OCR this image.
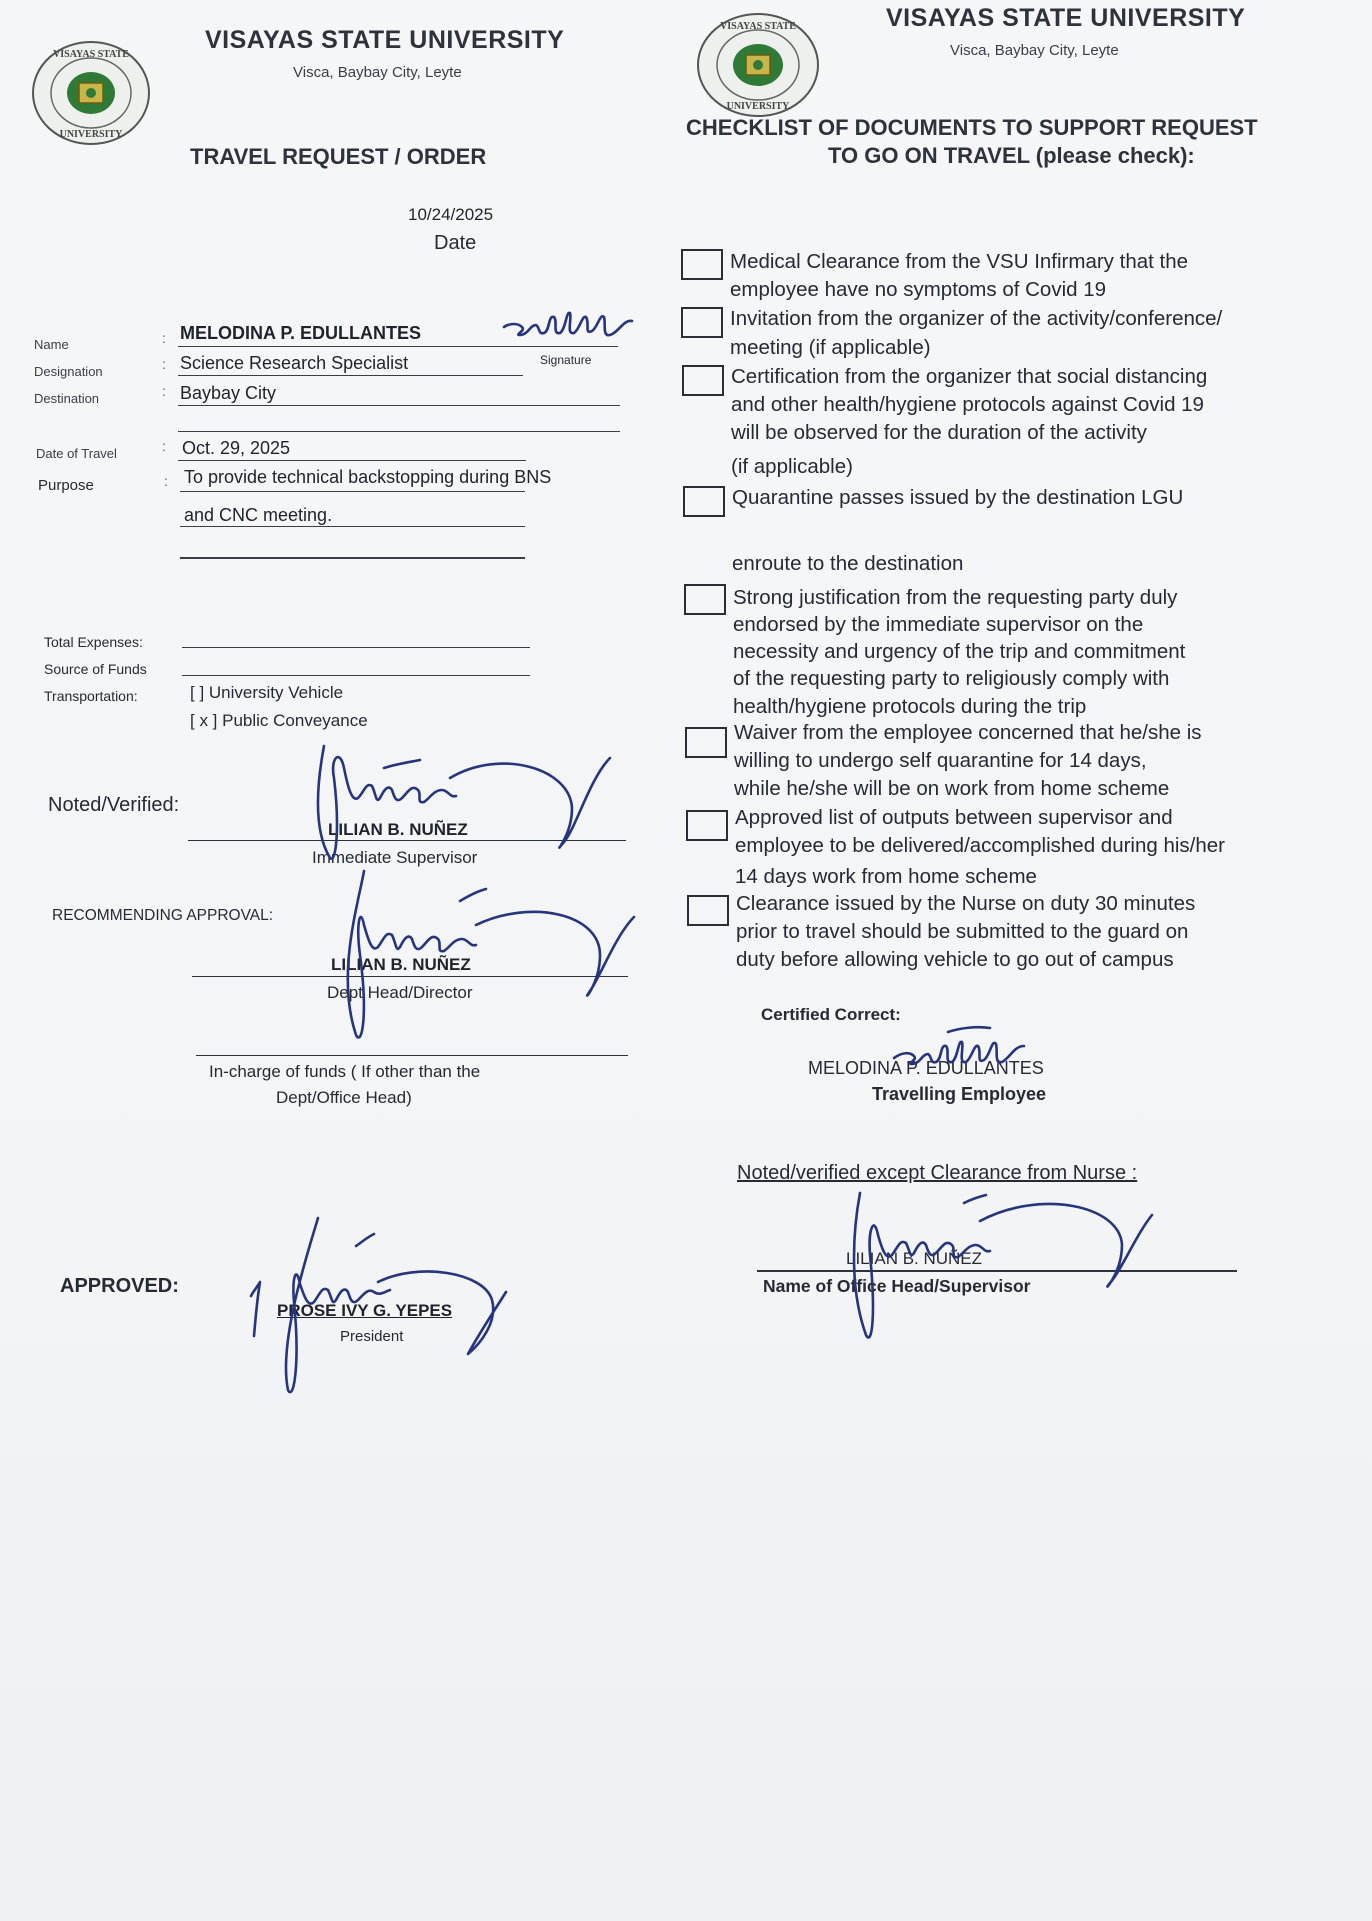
VISAYAS STATE
UNIVERSITY
VISAYAS STATE UNIVERSITY
Visca, Baybay City, Leyte
TRAVEL REQUEST / ORDER
10/24/2025
Date
Name	: MELODINA P. EDULLANTES
Signature
Designation	: Science Research Specialist
Destination	: Baybay City
Date of Travel	: Oct. 29, 2025
Purpose	: To provide technical backstopping during BNS
and CNC meeting.
Total Expenses:
Source of Funds
Transportation:	[ ] University Vehicle
[ x ] Public Conveyance
Noted/Verified:
LILIAN B. NUÑEZ
Immediate Supervisor
RECOMMENDING APPROVAL:
LILIAN B. NUÑEZ
Dept Head/Director
In-charge of funds ( If other than the
Dept/Office Head)
APPROVED:
PROSE IVY G. YEPES
President
VISAYAS STATE
UNIVERSITY
VISAYAS STATE UNIVERSITY
Visca, Baybay City, Leyte
CHECKLIST OF DOCUMENTS TO SUPPORT REQUEST
TO GO ON TRAVEL (please check):
Medical Clearance from the VSU Infirmary that the
employee have no symptoms of Covid 19
Invitation from the organizer of the activity/conference/
meeting (if applicable)
Certification from the organizer that social distancing
and other health/hygiene protocols against Covid 19
will be observed for the duration of the activity
(if applicable)
Quarantine passes issued by the destination LGU
enroute to the destination
Strong justification from the requesting party duly
endorsed by the immediate supervisor on the
necessity and urgency of the trip and commitment
of the requesting party to religiously comply with
health/hygiene protocols during the trip
Waiver from the employee concerned that he/she is
willing to undergo self quarantine for 14 days,
while he/she will be on work from home scheme
Approved list of outputs between supervisor and
employee to be delivered/accomplished during his/her
14 days work from home scheme
Clearance issued by the Nurse on duty 30 minutes
prior to travel should be submitted to the guard on
duty before allowing vehicle to go out of campus
Certified Correct:
MELODINA P. EDULLANTES
Travelling Employee
Noted/verified except Clearance from Nurse :
LILIAN B. NUÑEZ
Name of Office Head/Supervisor
